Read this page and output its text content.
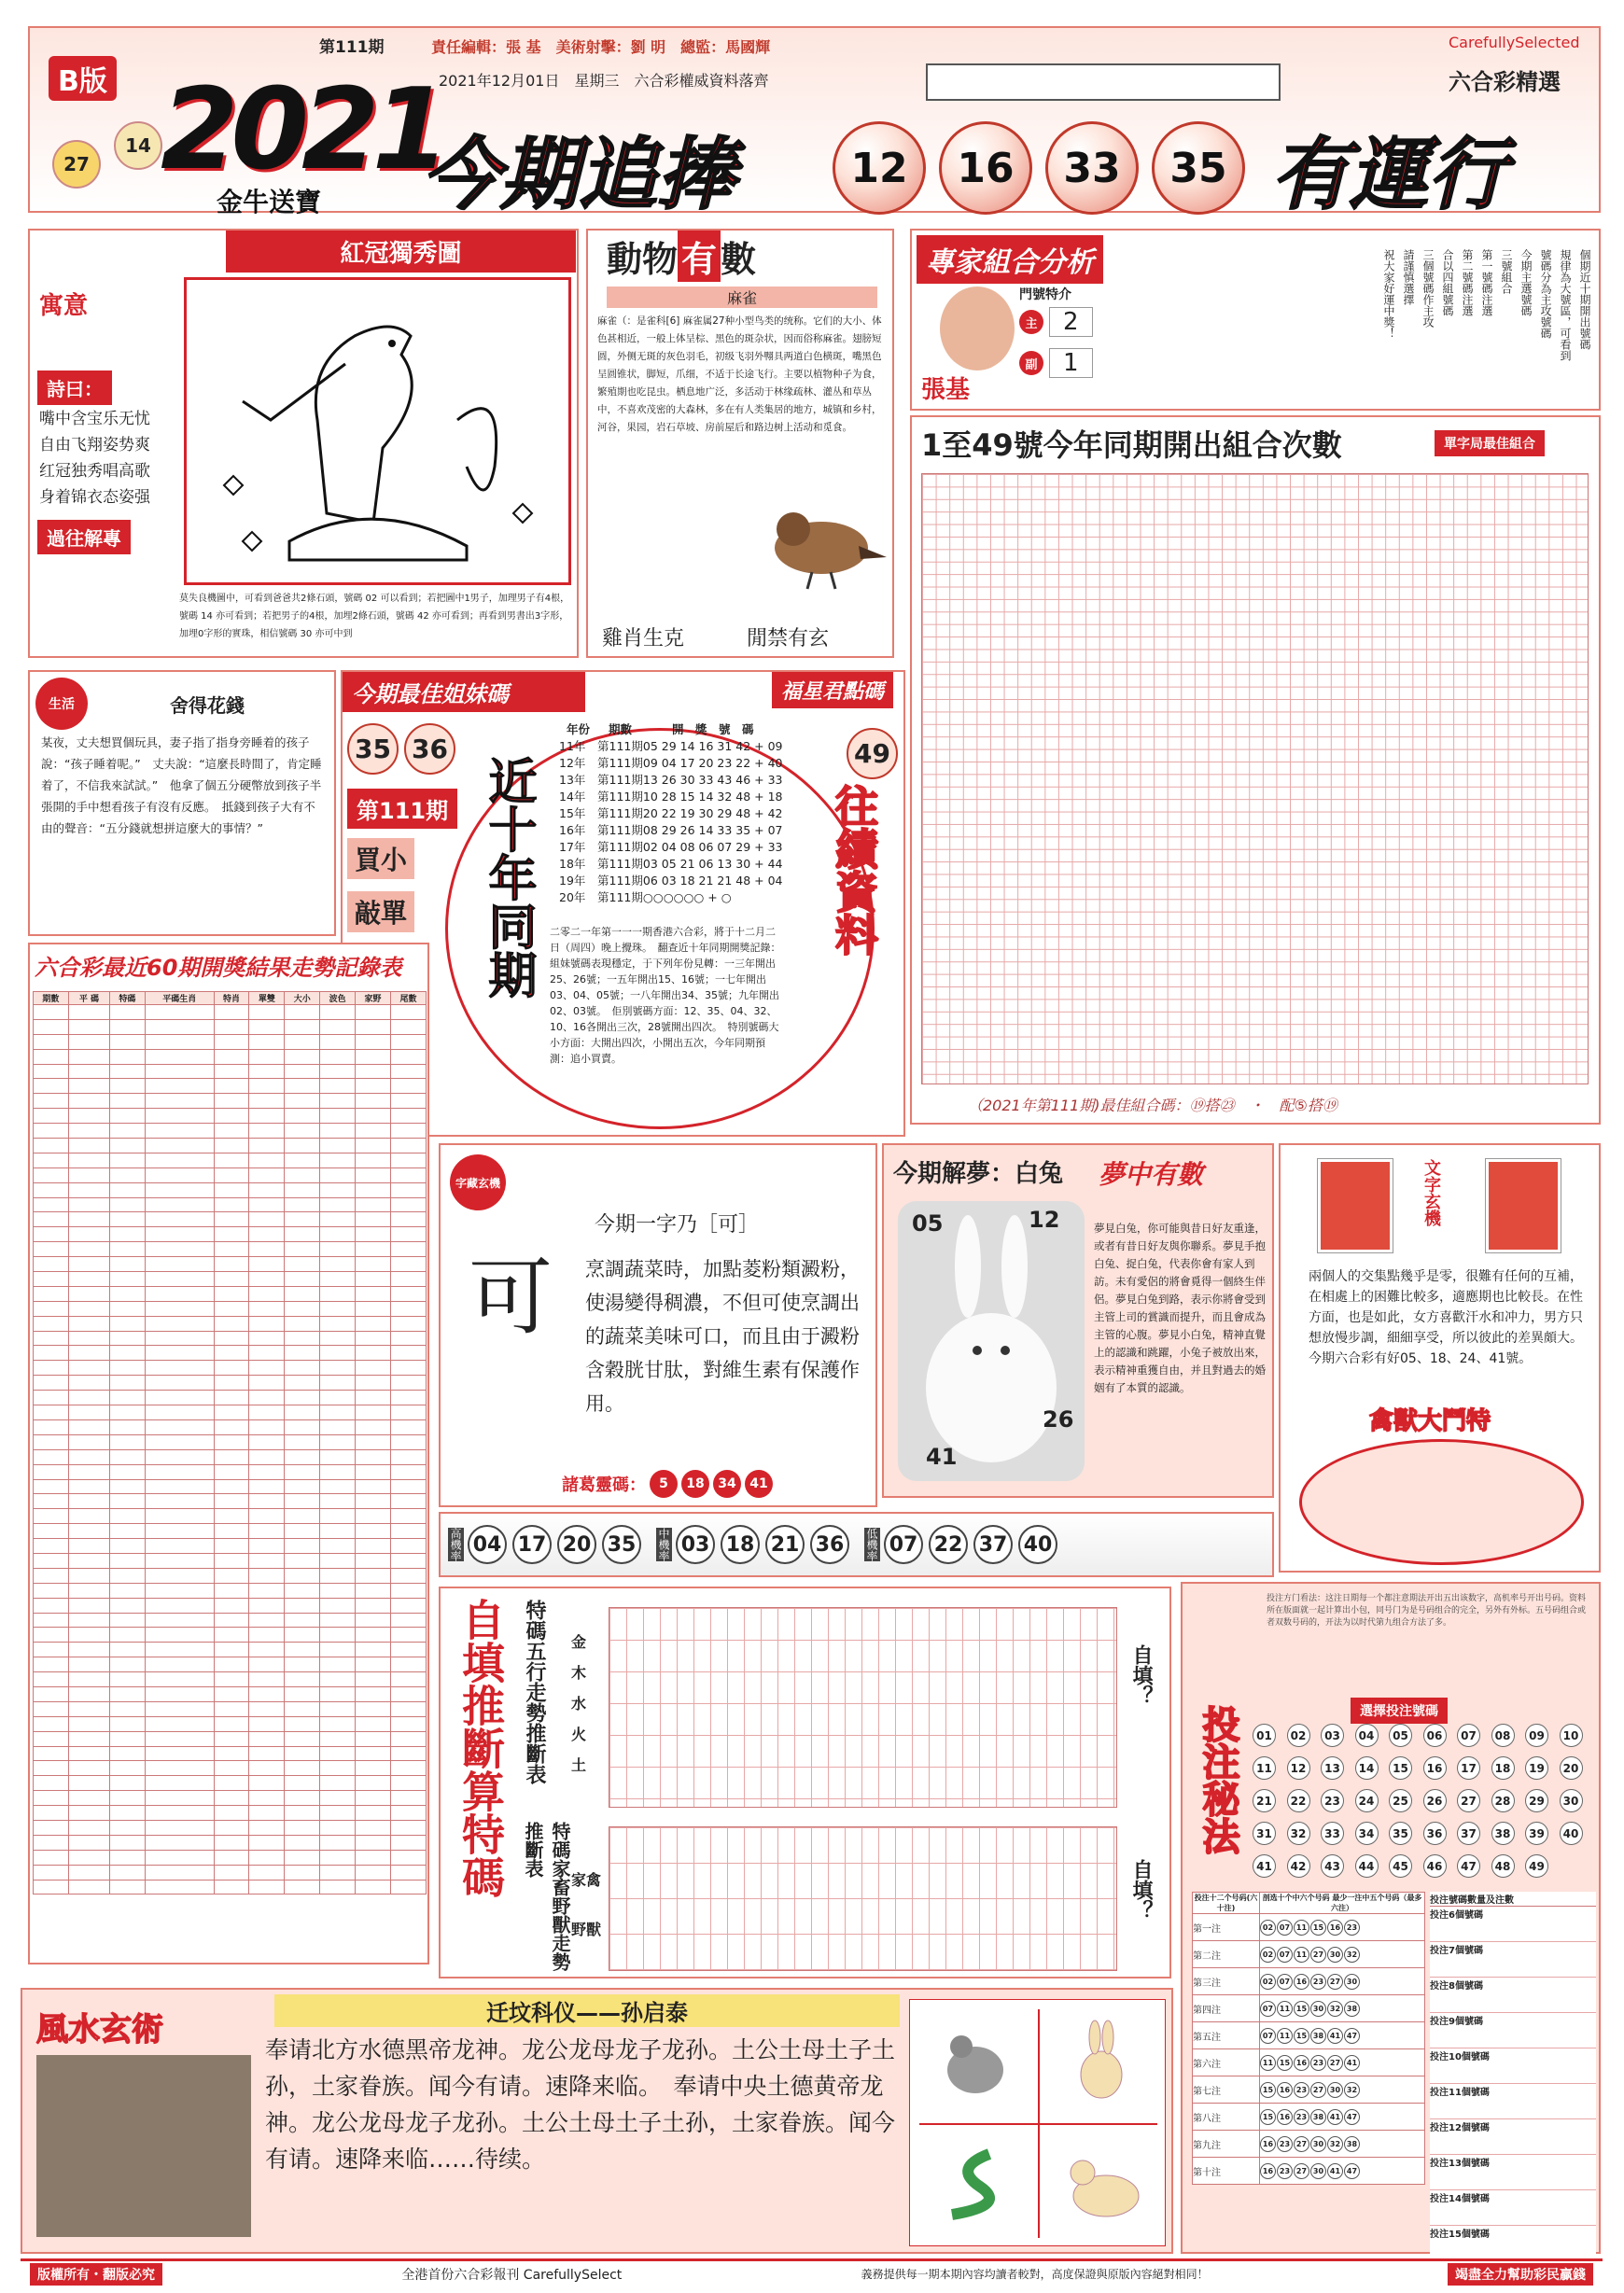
B版
第111期
27
14 2021
金牛送寶
責任編輯：張 基　美術射擊：劉 明　總監：馬國輝
2021年12月01日　星期三　六合彩權威資料落齊
CarefullySelected
六合彩精選
今期追捧	12	16	33	35 有運行
紅冠獨秀圖
寓意
詩曰：
嘴中含宝乐无忧
自由飞翔姿势爽
红冠独秀唱高歌
身着锦衣态姿强
過往解專
莫失良機圖中，可看到爸爸共2條石頭，號碼 02 可以看到；若把圖中1男子，加理男子有4根，號碼 14 亦可看到；若把男子的4根，加埋2條石頭，號碼 42 亦可看到；再看到男書出3字形，加埋0字形的實珠，相信號碼 30 亦可中到
動物 有 數
麻雀
麻雀（：是雀科[6] 麻雀属27种小型鸟类的统称。它们的大小、体色甚相近，一般上体呈棕、黑色的斑杂状，因而俗称麻雀。翅膀短圆，外侧无斑的灰色羽毛，初级飞羽外翈具两道白色横斑，嘴黑色呈圆锥状，脚短，爪细，不适于长途飞行。主要以植物种子为食，繁殖期也吃昆虫。栖息地广泛，多活动于林缘疏林、灌丛和草丛中，不喜欢茂密的大森林，多在有人类集居的地方，城镇和乡村，河谷，果园，岩石草坡、房前屋后和路边树上活动和觅食。
雞肖生克	閒禁有玄
專家組合分析
張基
門號特介
主	2
副	1
個期近十期開出號碼
規律為大號區，可看到
號碼分為主攻號碼
今期主選號碼
三號組合
第一號碼注選
第二號碼注選
合以四組號碼
三個號碼作主攻
請謹慎選擇
祝大家好運中獎！
1至49號今年同期開出組合次數	單字局最佳組合
（2021年第111期)最佳組合碼：⑲搭㉓　・　配⑤搭⑲
生活	舍得花錢
某夜，丈夫想買個玩具，妻子指了指身旁睡着的孩子說：“孩子睡着呢。”　丈夫說：“這麼長時間了，肯定睡着了，不信我來試試。”　他拿了個五分硬幣放到孩子半張開的手中想看孩子有沒有反應。　抵錢到孩子大有不由的聲音：“五分錢就想拼這麼大的事情？”
今期最佳姐妹碼	福星君點碼
35 36	49
第111期
買小
敲單 近十年同期	往績資料
年份	期數	開　獎　號　碼
11年	第111期	05 29 14 16 31 42 + 09
12年	第111期	09 04 17 20 23 22 + 40
13年	第111期	13 26 30 33 43 46 + 33
14年	第111期	10 28 15 14 32 48 + 18
15年	第111期	20 22 19 30 29 48 + 42
16年	第111期	08 29 26 14 33 35 + 07
17年	第111期	02 04 08 06 07 29 + 33
18年	第111期	03 05 21 06 13 30 + 44
19年	第111期	06 03 18 21 21 48 + 04
20年	第111期	○○○○○○ + ○
二零二一年第一一一期香港六合彩，將于十二月二日（周四）晚上攪珠。　翻查近十年同期開獎記錄：組妹號碼表現穩定，于下列年份見轉：一三年開出25、26號；一五年開出15、16號；一七年開出03、04、05號；一八年開出34、35號；九年開出02、03號。　佢別號碼方面：12、35、04、32、10、16各開出三次，28號開出四次。　特別號碼大小方面：大開出四次，小開出五次，今年同期預測：追小買賣。
六合彩最近60期開獎結果走勢記錄表
期數	平 碼	特碼	平碼生肖	特肖	單雙	大小	波色	家野	尾數

字藏玄機
可
今期一字乃［可］
烹調蔬菜時，加點菱粉類澱粉，使湯變得稠濃，不但可使烹調出的蔬菜美味可口，而且由于澱粉含穀胱甘肽，對維生素有保護作用。
諸葛靈碼：	5	18	34	41
今期解夢：白兔
05	12
26
41
夢中有數
夢見白兔，你可能與昔日好友重逢，或者有昔日好友與你聯系。夢見手抱白兔、捉白兔，代表你會有家人到訪。未有愛侶的將會覓得一個終生伴侶。夢見白兔到路，表示你將會受到主管上司的賞識而提升，而且會成為主管的心腹。夢見小白兔，精神直覺上的認識和跳躍，小兔子被放出來，表示精神重獲自由，并且對過去的婚姻有了本質的認識。
文字玄機
兩個人的交集點幾乎是零，很難有任何的互補，在相處上的困難比較多，適應期也比較長。在性方面，也是如此，女方喜歡汗水和冲力，男方只想放慢步調，細細享受，所以彼此的差異頗大。今期六合彩有好05、18、24、41號。
禽獸大鬥特
高機率 04 17 20 35	中機率 03 18 21 36	低機率 07 22 37 40
自填推斷算特碼 特碼五行走勢推斷表
特碼家畜野獸走勢推斷表
金
木
水
火
土
自填？
家禽
野獸
自填？
投注方门看法：这注日期每一个都注意期法开出五出该数字，高机率号开出号码。资料所在版面就一起计算出小包，同号门为是号码组合的完全，另外有外标。五号码组合或者双数号码的，开法为以时代第九组合方法了多。
投注秘法	選擇投注號碼
01	02	03	04	05	06	07	08	09	10
11	12	13	14	15	16	17	18	19	20
21	22	23	24	25	26	27	28	29	30
31	32	33	34	35	36	37	38	39	40
41	42	43	44	45	46	47	48	49
投注十二个号码(六十注)	剖选十个中六个号码 最少一注中五个号码（最多六注）
第一注	02 07 11 15 16 23
第二注	02 07 11 27 30 32
第三注	02 07 16 23 27 30
第四注	07 11 15 30 32 38
第五注	07 11 15 38 41 47
第六注	11 15 16 23 27 41
第七注	15 16 23 27 30 32
第八注	15 16 23 38 41 47
第九注	16 23 27 30 32 38
第十注	16 23 27 30 41 47
投注號碼數量及注數
投注6個號碼
投注7個號碼
投注8個號碼
投注9個號碼
投注10個號碼
投注11個號碼
投注12個號碼
投注13個號碼
投注14個號碼
投注15個號碼
風水玄術	迁坟科仪——孙启泰
奉请北方水德黑帝龙神。龙公龙母龙子龙孙。土公土母土子土孙，土家眷族。闻今有请。速降来临。　奉请中央土德黄帝龙神。龙公龙母龙子龙孙。土公土母土子土孙，土家眷族。闻今有请。速降来临……待续。
版權所有・翻版必究	全港首份六合彩報刊 CarefullySelect	義務提供每一期本期內容均讀者較對，高度保證與原版內容絕對相同！	竭盡全力幫助彩民贏錢
